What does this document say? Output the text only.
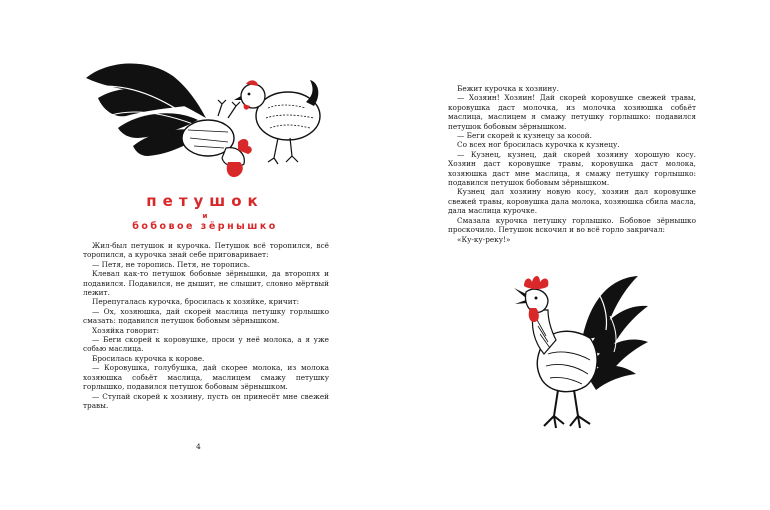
петушок
и
бобовое зёрнышко

Жил-был петушок и курочка. Петушок всё торопился, всё торопился, а курочка знай себе приговаривает:

— Петя, не торопись. Петя, не торопись.

Клевал как-то петушок бобовые зёрнышки, да второпях и подавился. Подавился, не дышит, не слышит, словно мёртвый лежит.

Перепугалась курочка, бросилась к хозяйке, кричит:

— Ох, хозяюшка, дай скорей маслица петушку горлышко смазать: подавился петушок бобовым зёрнышком.

Хозяйка говорит:

— Беги скорей к коровушке, проси у неё молока, а я уже собью маслица.

Бросилась курочка к корове.

— Коровушка, голубушка, дай скорее молока, из молока хозяюшка собьёт маслица, маслицем смажу петушку горлышко, подавился петушок бобовым зёрнышком.

— Ступай скорей к хозяину, пусть он принесёт мне свежей травы.

4

Бежит курочка к хозяину.

— Хозяин! Хозяин! Дай скорей коровушке свежей травы, коровушка даст молочка, из молочка хозяюшка собьёт маслица, маслицем я смажу петушку горлышко: подавился петушок бобовым зёрнышком.

— Беги скорей к кузнецу за косой.

Со всех ног бросилась курочка к кузнецу.

— Кузнец, кузнец, дай скорей хозяину хорошую косу. Хозяин даст коровушке травы, коровушка даст молока, хозяюшка даст мне маслица, я смажу петушку горлышко: подавился петушок бобовым зёрнышком.

Кузнец дал хозяину новую косу, хозяин дал коровушке свежей травы, коровушка дала молока, хозяюшка сбила масла, дала маслица курочке.

Смазала курочка петушку горлышко. Бобовое зёрнышко проскочило. Петушок вскочил и во всё горло закричал:

«Ку-ку-реку!»
